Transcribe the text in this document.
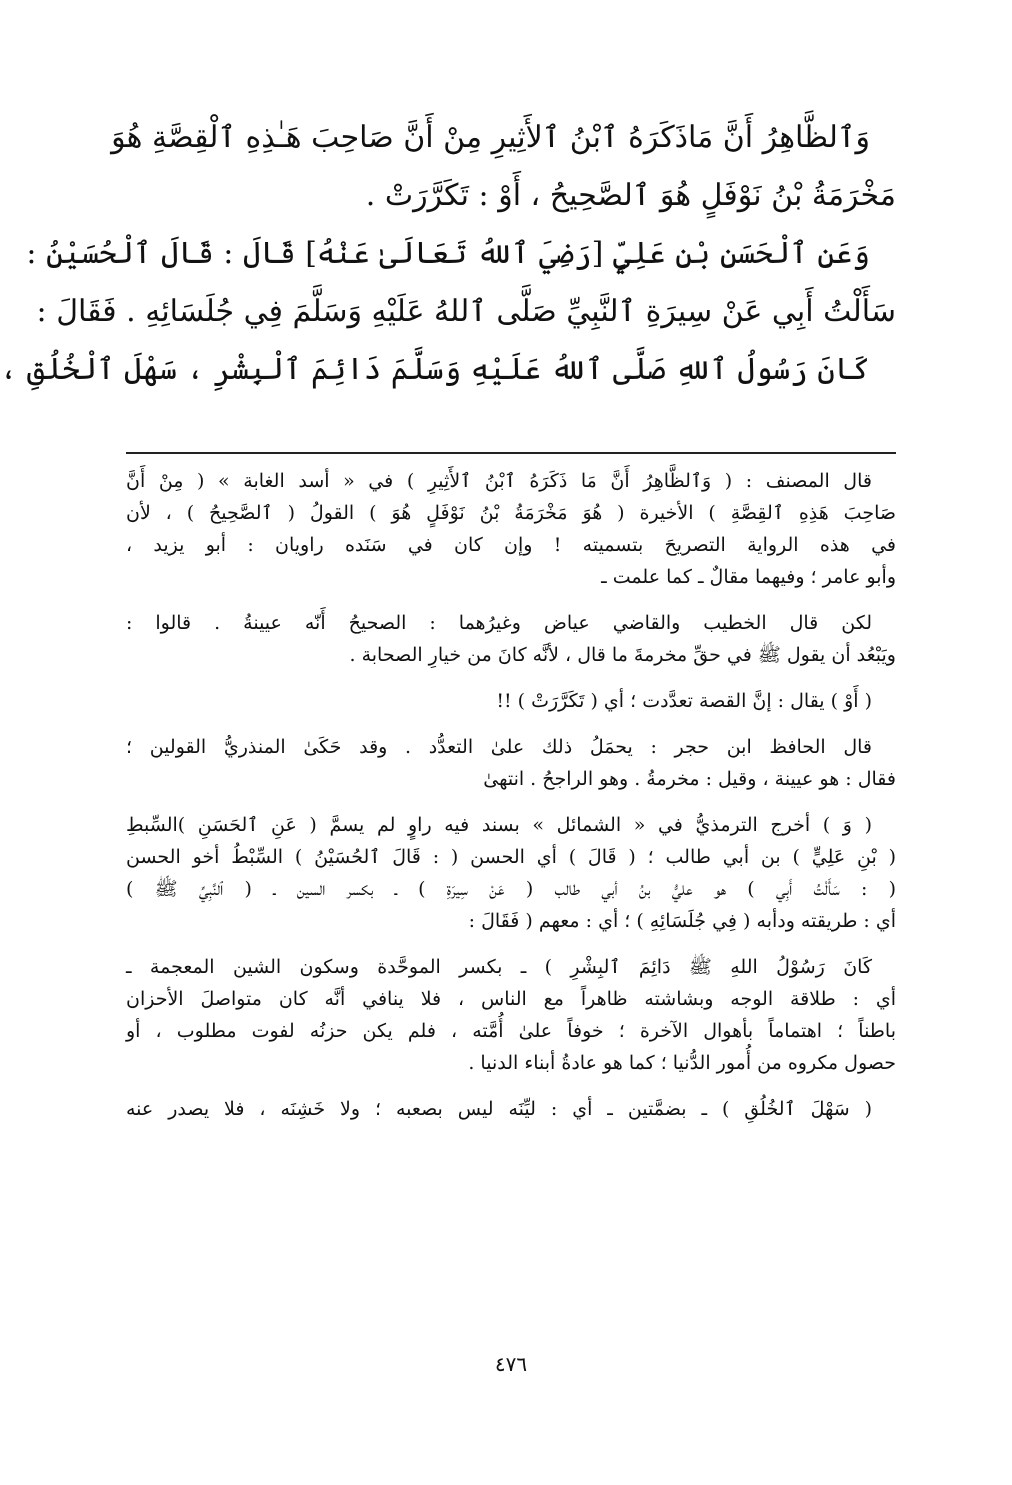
وَٱلظَّاهِرُ أَنَّ مَاذَكَرَهُ ٱبْنُ ٱلأَثِيرِ مِنْ أَنَّ صَاحِبَ هَـٰذِهِ ٱلْقِصَّةِ هُوَ
مَخْرَمَةُ بْنُ نَوْفَلٍ هُوَ ٱلصَّحِيحُ ، أَوْ : تَكَرَّرَتْ .
وَعَنِ ٱلْحَسَنِ بْنِ عَلِيٍّ [رَضِيَ ٱللهُ تَعَالَىٰ عَنْهُ] قَالَ : قَالَ ٱلْحُسَيْنُ :
سَأَلْتُ أَبِي عَنْ سِيرَةِ ٱلنَّبِيِّ صَلَّى ٱللهُ عَلَيْهِ وَسَلَّمَ فِي جُلَسَائِهِ . فَقَالَ :
كَانَ رَسُولُ ٱللهِ صَلَّى ٱللهُ عَلَيْهِ وَسَلَّمَ دَائِمَ ٱلْبِشْرِ ، سَهْلَ ٱلْخُلُقِ ،
قال المصنف : ( وَٱلظَّاهِرُ أَنَّ مَا ذَكَرَهُ ٱبْنُ ٱلأَثِيرِ ) في « أسد الغابة » ( مِنْ أَنَّ
صَاحِبَ هَذِهِ ٱلقِصَّةِ ) الأخيرة ( هُوَ مَخْرَمَةُ بْنُ نَوْفَلٍ هُوَ ) القولُ ( ٱلصَّحِيحُ ) ، لأن
في هذه الرواية التصريحَ بتسميته ! وإن كان في سَنَده راويان : أبو يزيد ،
وأبو عامر ؛ وفيهما مقالٌ ـ كما علمت ـ
لكن قال الخطيب والقاضي عياض وغيرُهما : الصحيحُ أَنّه عيينةُ . قالوا :
ويَبْعُد أن يقول ﷺ في حقِّ مخرمةَ ما قال ، لأنَّه كانَ من خيارِ الصحابة .
( أَوْ ) يقال : إنَّ القصة تعدَّدت ؛ أي ( تَكَرَّرَتْ ) !!
قال الحافظ ابن حجر : يحمَلُ ذلك علىٰ التعدُّد . وقد حَكَىٰ المنذريُّ القولين ؛
فقال : هو عيينة ، وقيل : مخرمةُ . وهو الراجحُ . انتهىٰ
( وَ ) أخرج الترمذيُّ في « الشمائل » بسند فيه راوٍ لم يسمَّ ( عَنِ ٱلحَسَنِ )السِّبطِ
( بْنِ عَلِيٍّ ) بن أبي طالب ؛ ( قَالَ ) أي الحسن ( : قَالَ ٱلحُسَيْنُ ) السِّبْطُ أخو الحسن
( : سَأَلْتُ أَبِي ) هو عليُّ بنُ أبي طالب ( عَنْ سِيرَةِ ) ـ بكسر السين ـ ( ٱلنَّبِيِّ ﷺ )
أي : طريقته ودأبه ( فِي جُلَسَائِهِ ) ؛ أي : معهم ( فَقَالَ :
كَانَ رَسُوْلُ اللهِ ﷺ دَائِمَ ٱلبِشْرِ ) ـ بكسر الموحَّدة وسكون الشين المعجمة ـ
أي : طلاقة الوجه وبشاشته ظاهراً مع الناس ، فلا ينافي أنَّه كان متواصلَ الأحزان
باطناً ؛ اهتماماً بأهوال الآخرة ؛ خوفاً علىٰ أُمَّته ، فلم يكن حزنُه لفوت مطلوب ، أو
حصول مكروه من أُمور الدُّنيا ؛ كما هو عادةُ أبناء الدنيا .
( سَهْلَ ٱلخُلُقِ ) ـ بضمَّتين ـ أي : ليِّنَه ليس بصعبه ؛ ولا خَشِنَه ، فلا يصدر عنه
٤٧٦
